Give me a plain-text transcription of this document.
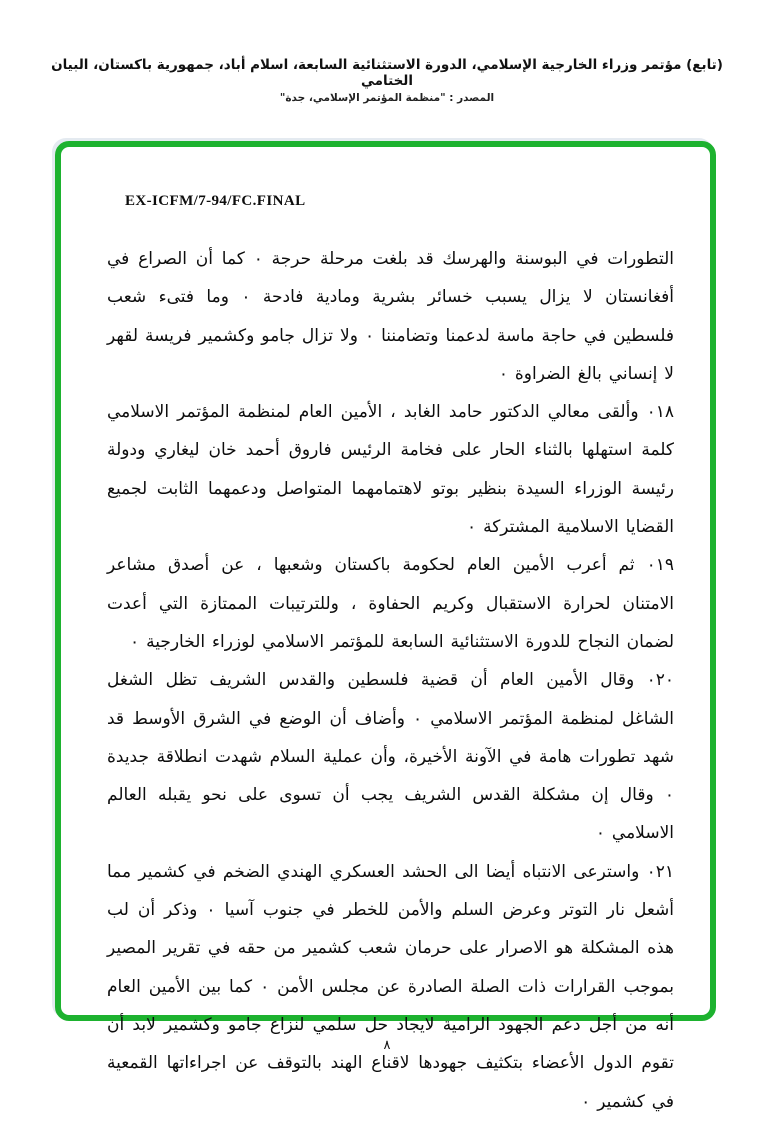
(تابع) مؤتمر وزراء الخارجية الإسلامي، الدورة الاستثنائية السابعة، اسلام أباد، جمهورية باكستان، البيان الختامي
المصدر : "منظمة المؤتمر الإسلامي، جدة"
EX-ICFM/7-94/FC.FINAL

التطورات في البوسنة والهرسك قد بلغت مرحلة حرجة ٠ كما أن الصراع في أفغانستان لا يزال يسبب خسائر بشرية ومادية فادحة ٠ وما فتىء شعب فلسطين في حاجة ماسة لدعمنا وتضامننا ٠ ولا تزال جامو وكشمير فريسة لقهر لا إنساني بالغ الضراوة ٠

٠١٨ وألقى معالي الدكتور حامد الغابد ، الأمين العام لمنظمة المؤتمر الاسلامي كلمة استهلها بالثناء الحار على فخامة الرئيس فاروق أحمد خان ليغاري ودولة رئيسة الوزراء السيدة بنظير بوتو لاهتمامهما المتواصل ودعمهما الثابت لجميع القضايا الاسلامية المشتركة ٠

٠١٩ ثم أعرب الأمين العام لحكومة باكستان وشعبها ، عن أصدق مشاعر الامتنان لحرارة الاستقبال وكريم الحفاوة ، وللترتيبات الممتازة التي أعدت لضمان النجاح للدورة الاستثنائية السابعة للمؤتمر الاسلامي لوزراء الخارجية ٠

٠٢٠ وقال الأمين العام أن قضية فلسطين والقدس الشريف تظل الشغل الشاغل لمنظمة المؤتمر الاسلامي ٠ وأضاف أن الوضع في الشرق الأوسط قد شهد تطورات هامة في الآونة الأخيرة، وأن عملية السلام شهدت انطلاقة جديدة ٠ وقال إن مشكلة القدس الشريف يجب أن تسوى على نحو يقبله العالم الاسلامي ٠

٠٢١ واسترعى الانتباه أيضا الى الحشد العسكري الهندي الضخم في كشمير مما أشعل نار التوتر وعرض السلم والأمن للخطر في جنوب آسيا ٠ وذكر أن لب هذه المشكلة هو الاصرار على حرمان شعب كشمير من حقه في تقرير المصير بموجب القرارات ذات الصلة الصادرة عن مجلس الأمن ٠ كما بين الأمين العام أنه من أجل دعم الجهود الرامية لايجاد حل سلمي لنزاع جامو وكشمير لابد أن تقوم الدول الأعضاء بتكثيف جهودها لاقناع الهند بالتوقف عن اجراءاتها القمعية في كشمير ٠

٨
